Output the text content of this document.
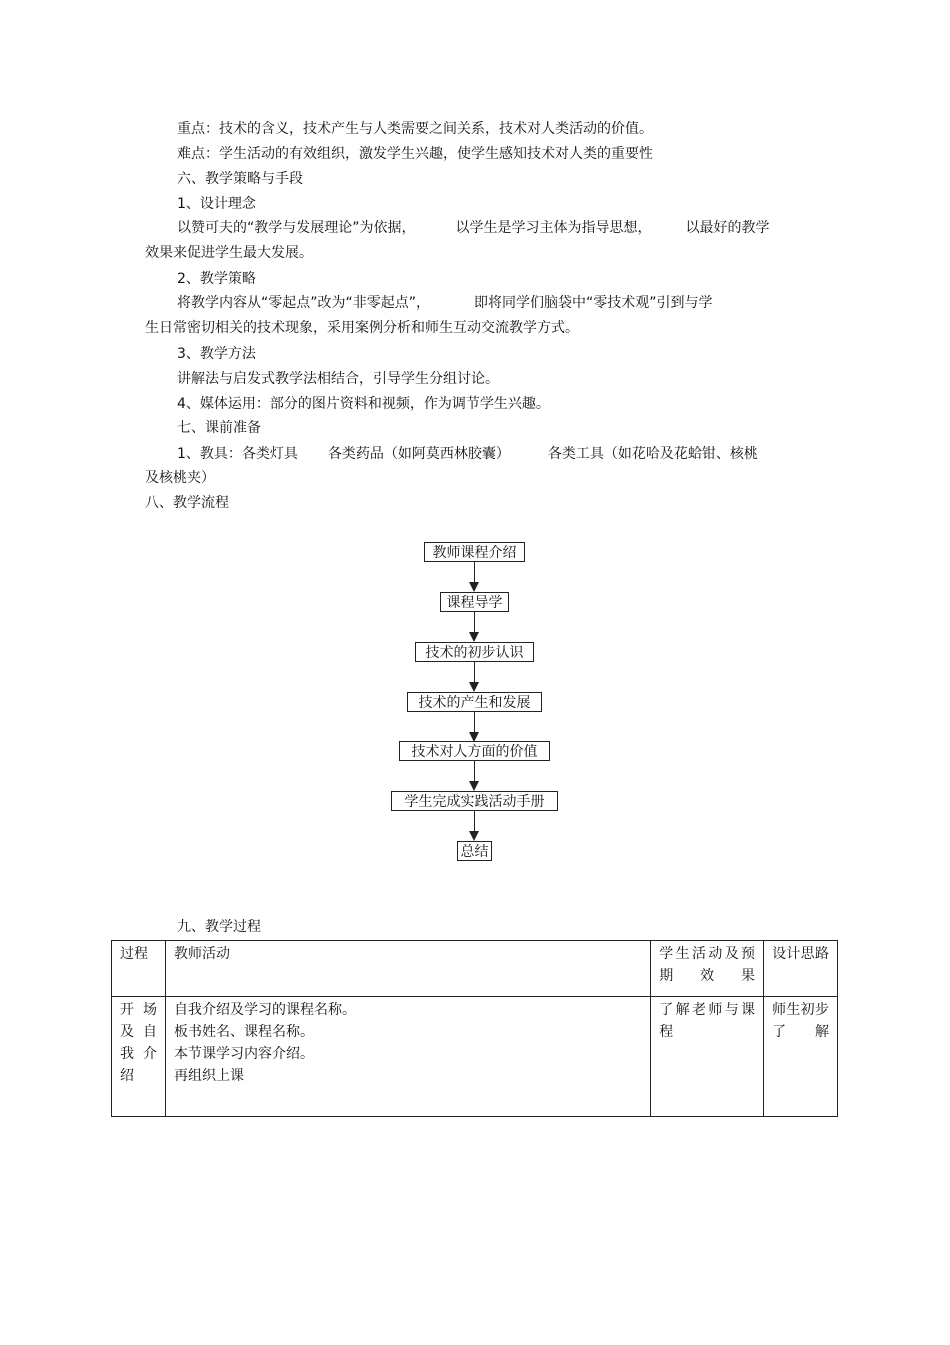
重点：技术的含义，技术产生与人类需要之间关系，技术对人类活动的价值。
难点：学生活动的有效组织，激发学生兴趣，使学生感知技术对人类的重要性
六、教学策略与手段
1、设计理念
以赞可夫的“教学与发展理论”为依据，	以学生是学习主体为指导思想， 以最好的教学
效果来促进学生最大发展。
2、教学策略
将教学内容从“零起点”改为“非零起点”，	即将同学们脑袋中“零技术观”引到与学
生日常密切相关的技术现象，采用案例分析和师生互动交流教学方式。
3、教学方法
讲解法与启发式教学法相结合，引导学生分组讨论。
4、媒体运用：部分的图片资料和视频，作为调节学生兴趣。
七、课前准备
1、教具：各类灯具 各类药品（如阿莫西林胶囊）	各类工具（如花哈及花蛤钳、核桃
及核桃夹）
八、教学流程
教师课程介绍
课程导学
技术的初步认识
技术的产生和发展
技术对人方面的价值
学生完成实践活动手册
总结
九、教学过程
过程	教师活动	学生活动及预期效果	设计思路
开场及自我介绍	自我介绍及学习的课程名称。
板书姓名、课程名称。
本节课学习内容介绍。
再组织上课	了解老师与课程	师生初步了解
